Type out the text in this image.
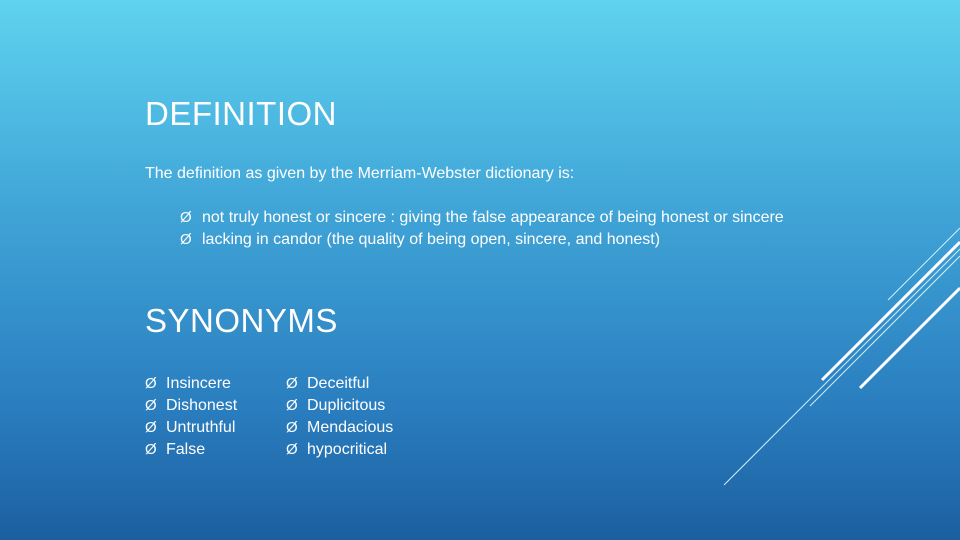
DEFINITION

The definition as given by the Merriam-Webster dictionary is:

Ø not truly honest or sincere : giving the false appearance of being honest or sincere
Ø lacking in candor (the quality of being open, sincere, and honest)
SYNONYMS
Ø Insincere
Ø Dishonest
Ø Untruthful
Ø False
Ø Deceitful
Ø Duplicitous
Ø Mendacious
Ø hypocritical
